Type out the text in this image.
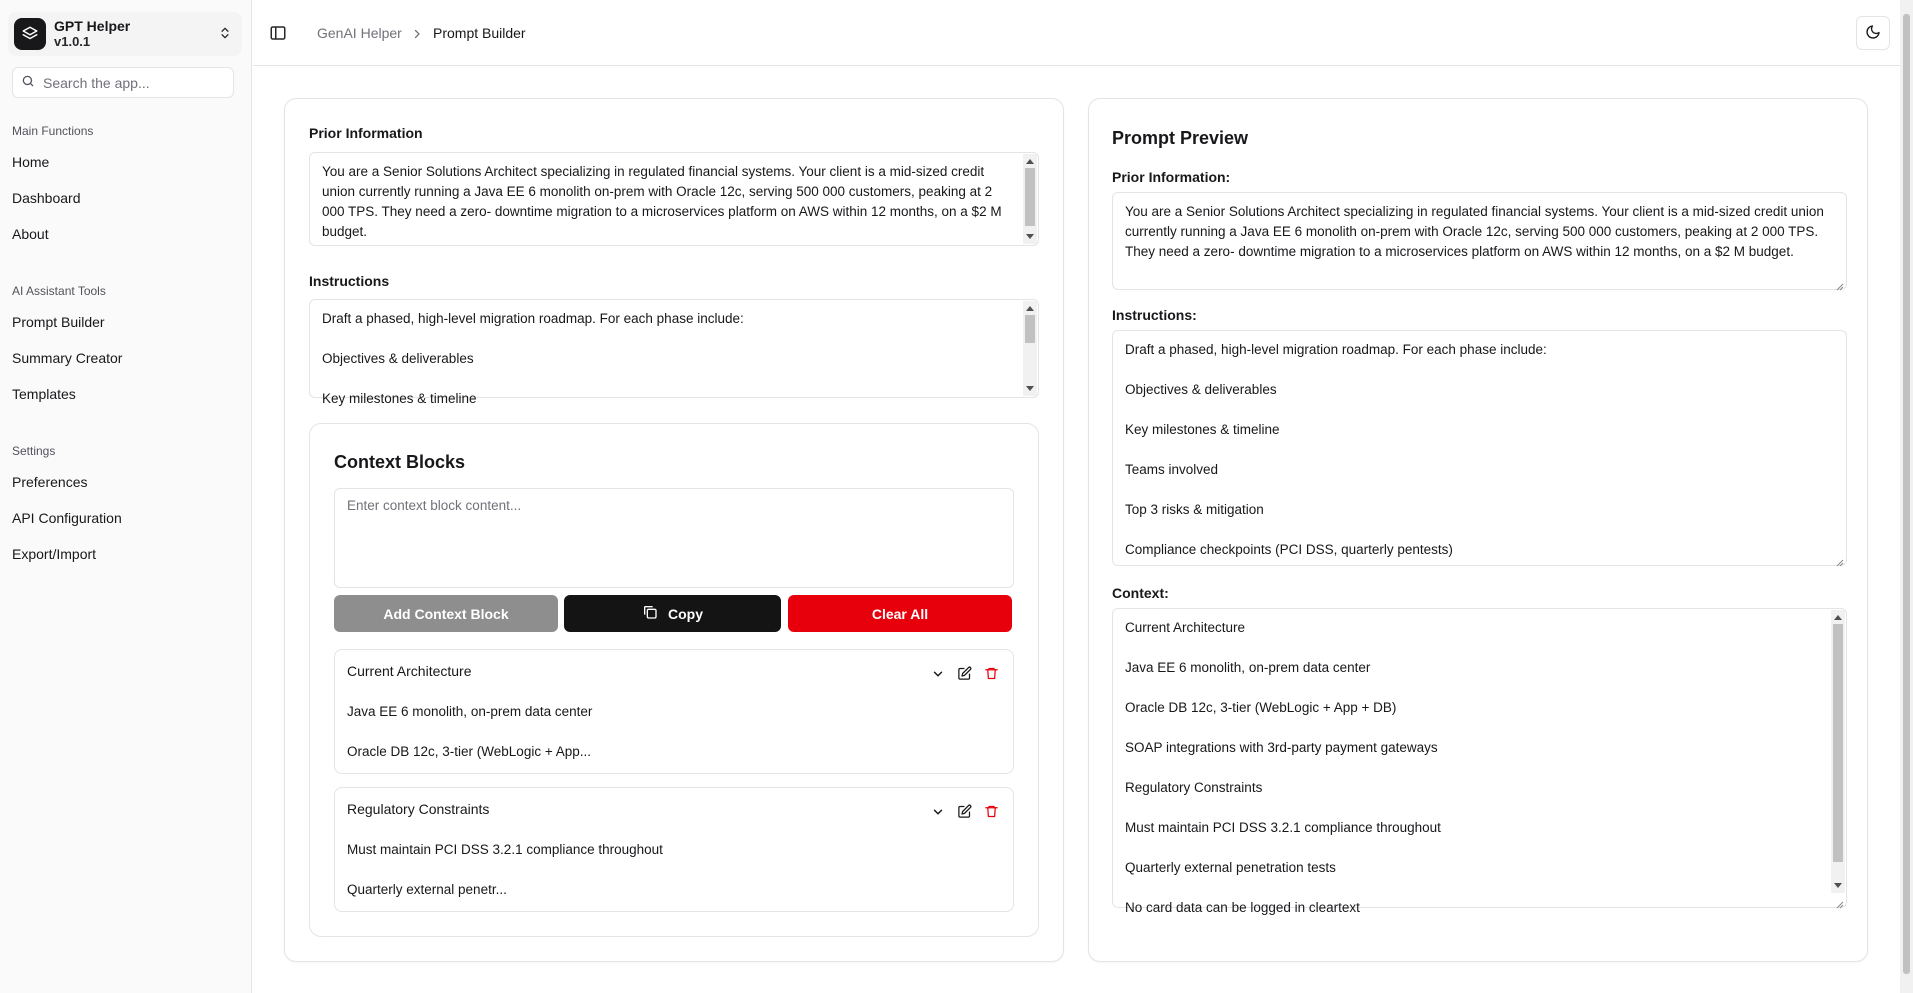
GPT Helper
v1.0.1
Search the app...
Main Functions
Home
Dashboard
About
AI Assistant Tools
Prompt Builder
Summary Creator
Templates
Settings
Preferences
API Configuration
Export/Import
GenAI Helper Prompt Builder
Prior Information

You are a Senior Solutions Architect specializing in regulated financial systems. Your client is a mid-sized credit union currently running a Java EE 6 monolith on-prem with Oracle 12c, serving 500 000 customers, peaking at 2 000 TPS. They need a zero- downtime migration to a microservices platform on AWS within 12 months, on a $2 M budget.

Instructions

Draft a phased, high-level migration roadmap. For each phase include:

Objectives & deliverables

Key milestones & timeline

Context Blocks
Enter context block content...
Add Context Block	Copy	Clear All
Current Architecture
Java EE 6 monolith, on-prem data center
Oracle DB 12c, 3-tier (WebLogic + App...
Regulatory Constraints
Must maintain PCI DSS 3.2.1 compliance throughout
Quarterly external penetr...
Prompt Preview
Prior Information:

You are a Senior Solutions Architect specializing in regulated financial systems. Your client is a mid-sized credit union currently running a Java EE 6 monolith on-prem with Oracle 12c, serving 500 000 customers, peaking at 2 000 TPS. They need a zero- downtime migration to a microservices platform on AWS within 12 months, on a $2 M budget.

Instructions:

Draft a phased, high-level migration roadmap. For each phase include:

Objectives & deliverables

Key milestones & timeline

Teams involved

Top 3 risks & mitigation

Compliance checkpoints (PCI DSS, quarterly pentests)

Context:

Current Architecture

Java EE 6 monolith, on-prem data center

Oracle DB 12c, 3-tier (WebLogic + App + DB)

SOAP integrations with 3rd-party payment gateways

Regulatory Constraints

Must maintain PCI DSS 3.2.1 compliance throughout

Quarterly external penetration tests

No card data can be logged in cleartext
